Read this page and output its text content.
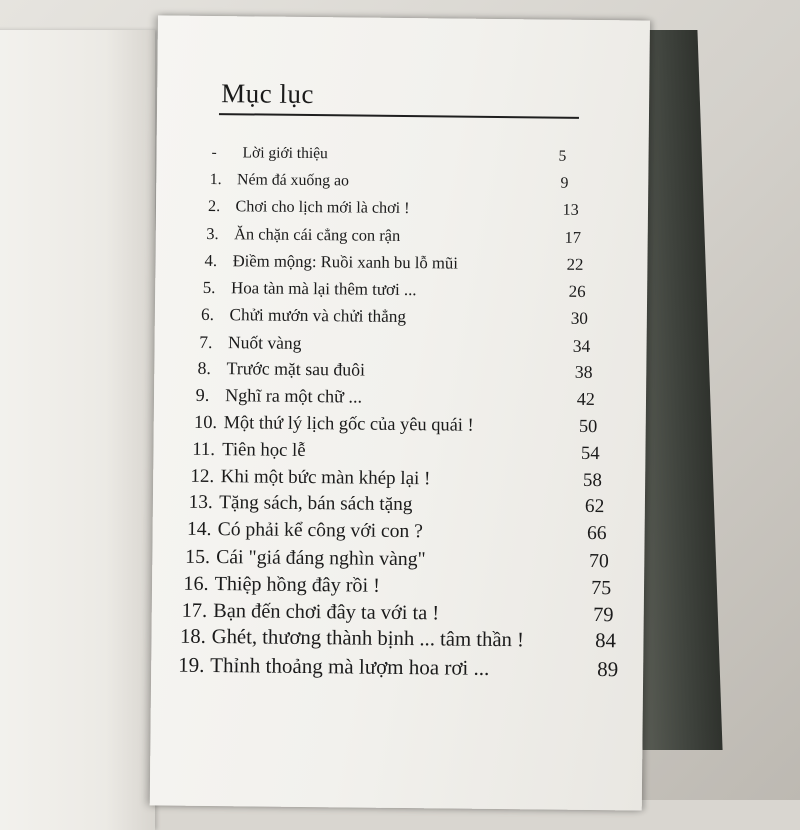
Mục lục
- Lời giới thiệu	5
1. Ném đá xuống ao	9
2. Chơi cho lịch mới là chơi !	13
3. Ăn chặn cái cẳng con rận	17
4. Điềm mộng: Ruồi xanh bu lỗ mũi	22
5. Hoa tàn mà lại thêm tươi ...	26
6. Chửi mướn và chửi thẳng	30
7. Nuốt vàng	34
8. Trước mặt sau đuôi	38
9. Nghĩ ra một chữ ...	42
10. Một thứ lý lịch gốc của yêu quái !	50
11. Tiên học lễ	54
12. Khi một bức màn khép lại !	58
13. Tặng sách, bán sách tặng	62
14. Có phải kể công với con ?	66
15. Cái "giá đáng nghìn vàng"	70
16. Thiệp hồng đây rồi !	75
17. Bạn đến chơi đây ta với ta !	79
18. Ghét, thương thành bịnh ... tâm thần !	84
19. Thỉnh thoảng mà lượm hoa rơi ...	89
